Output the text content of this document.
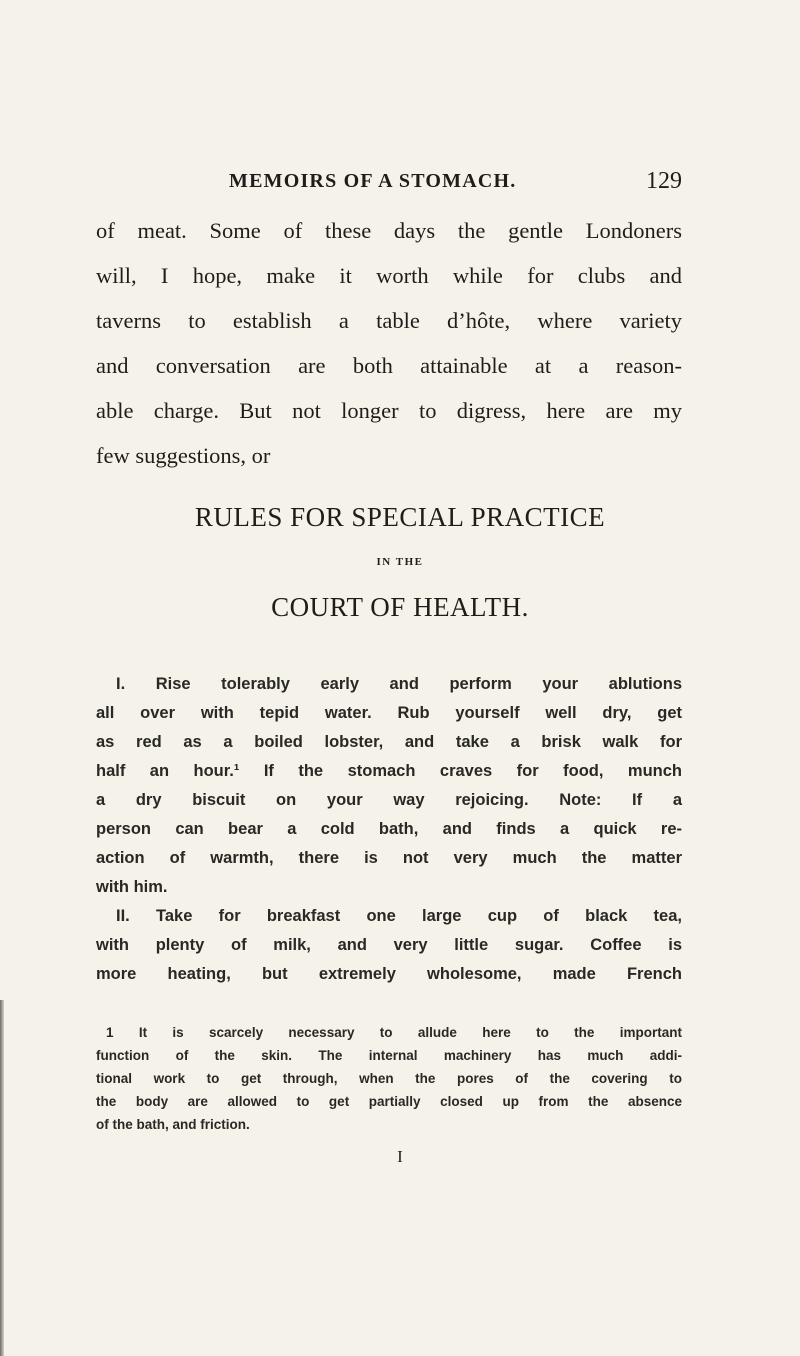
MEMOIRS OF A STOMACH.	129
of meat. Some of these days the gentle Londoners
will, I hope, make it worth while for clubs and
taverns to establish a table d’hôte, where variety
and conversation are both attainable at a reason-
able charge. But not longer to digress, here are my
few suggestions, or
RULES FOR SPECIAL PRACTICE
IN THE
COURT OF HEALTH.
I. Rise tolerably early and perform your ablutions
all over with tepid water. Rub yourself well dry, get
as red as a boiled lobster, and take a brisk walk for
half an hour.¹ If the stomach craves for food, munch
a dry biscuit on your way rejoicing. Note: If a
person can bear a cold bath, and finds a quick re-
action of warmth, there is not very much the matter
with him.
II. Take for breakfast one large cup of black tea,
with plenty of milk, and very little sugar. Coffee is
more heating, but extremely wholesome, made French
1 It is scarcely necessary to allude here to the important
function of the skin. The internal machinery has much addi-
tional work to get through, when the pores of the covering to
the body are allowed to get partially closed up from the absence
of the bath, and friction.
I
